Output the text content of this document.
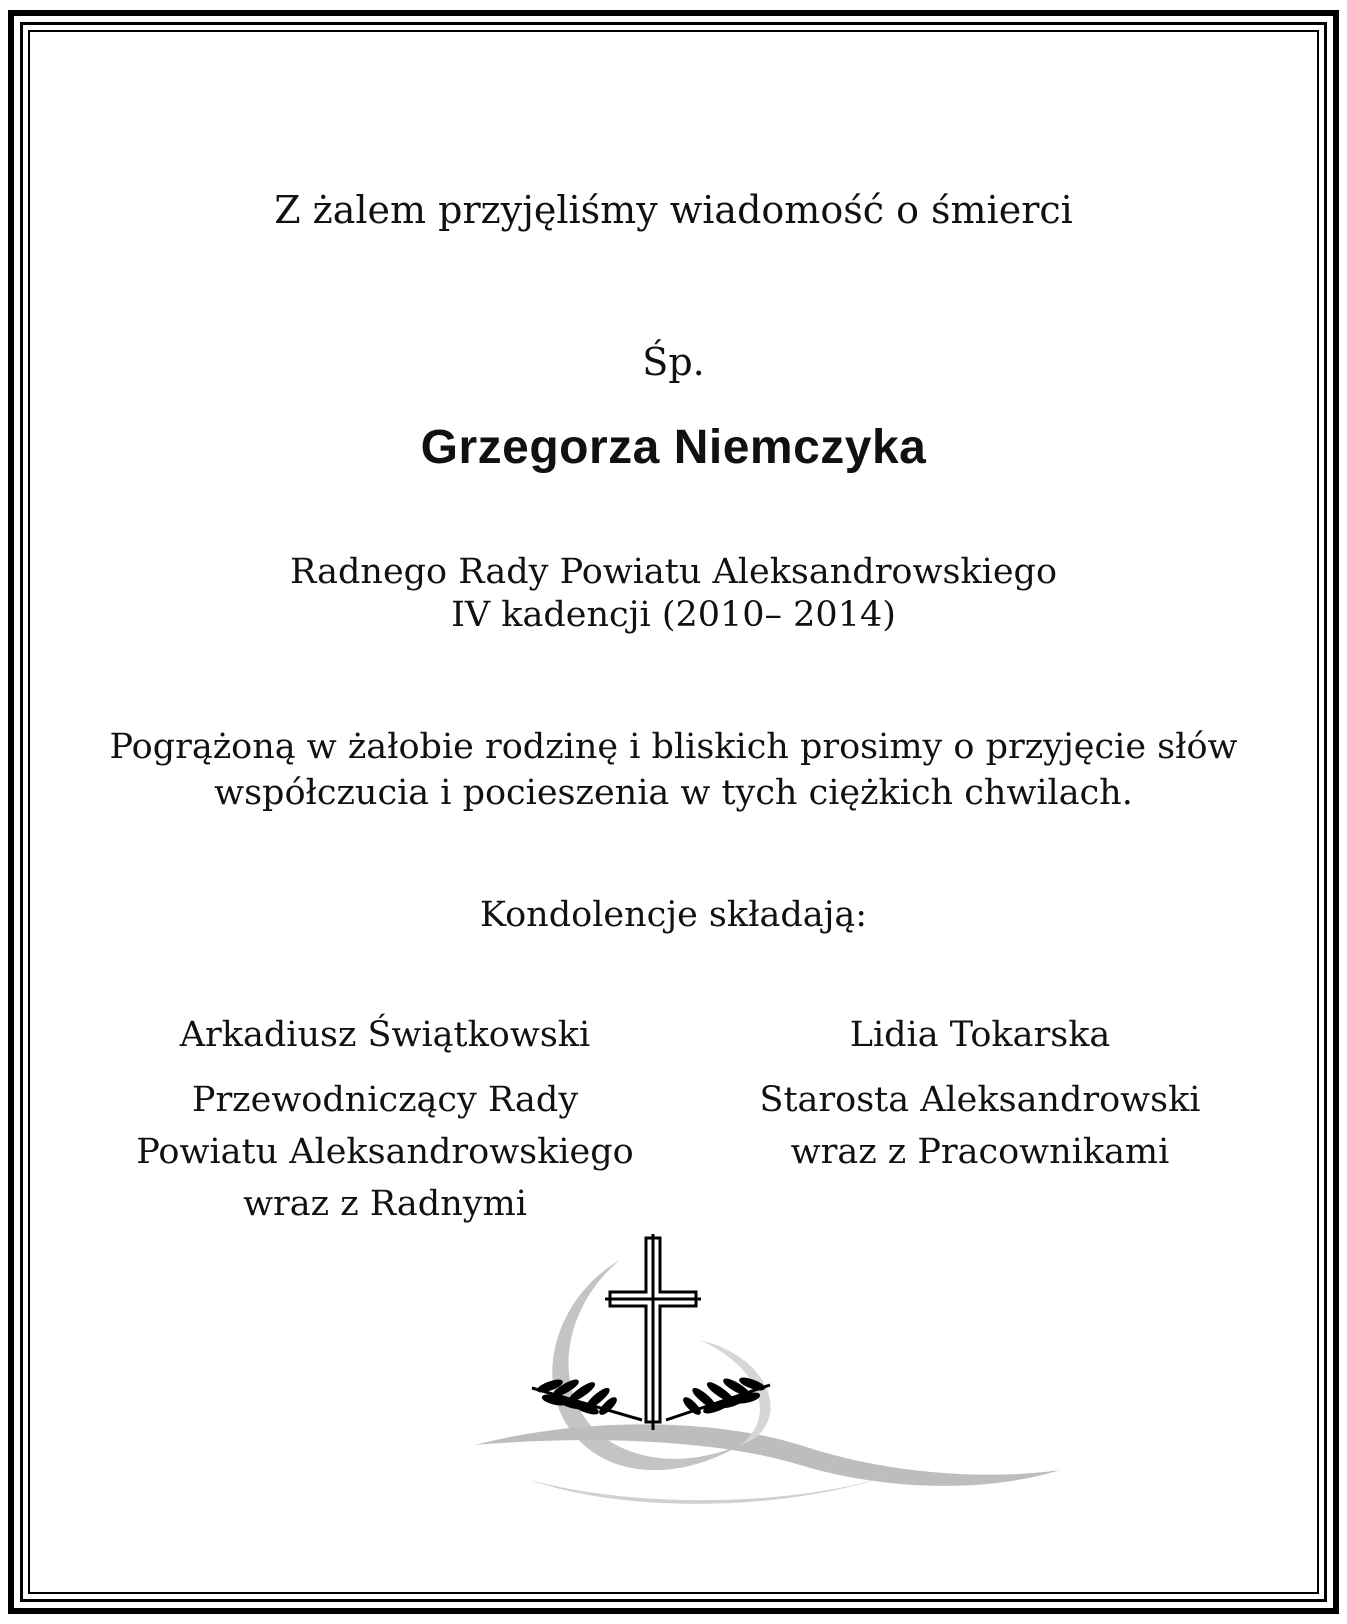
Z żalem przyjęliśmy wiadomość o śmierci
Śp.
Grzegorza Niemczyka
Radnego Rady Powiatu Aleksandrowskiego
IV kadencji (2010– 2014)
Pogrążoną w żałobie rodzinę i bliskich prosimy o przyjęcie słów
współczucia i pocieszenia w tych ciężkich chwilach.
Kondolencje składają:
Arkadiusz Świątkowski
Przewodniczący Rady
Powiatu Aleksandrowskiego
wraz z Radnymi
Lidia Tokarska
Starosta Aleksandrowski
wraz z Pracownikami
